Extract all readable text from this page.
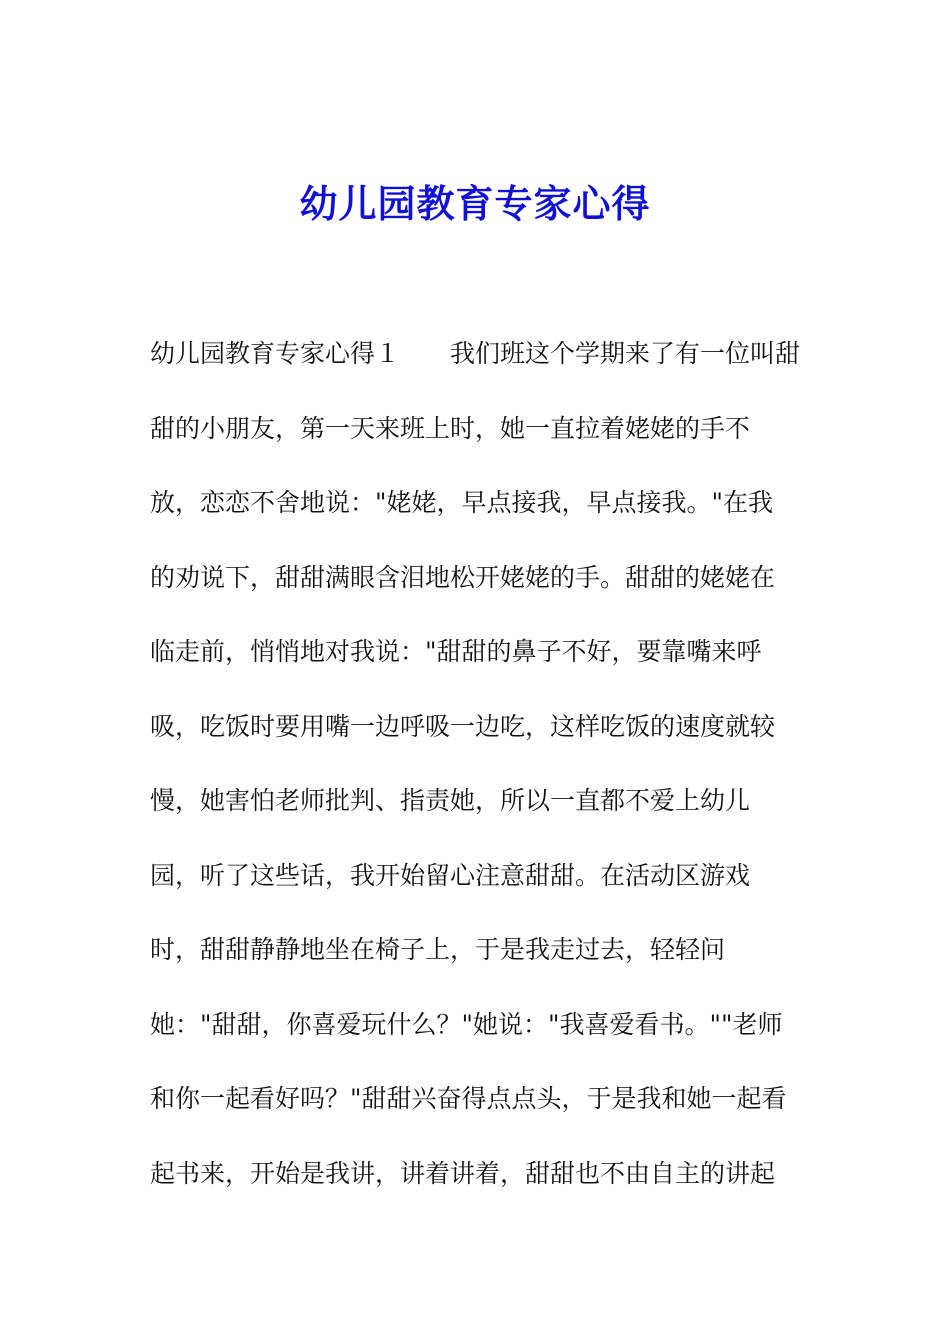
幼儿园教育专家心得
幼儿园教育专家心得１　　我们班这个学期来了有一位叫甜
甜的小朋友，第一天来班上时，她一直拉着姥姥的手不
放，恋恋不舍地说："姥姥，早点接我，早点接我。"在我
的劝说下，甜甜满眼含泪地松开姥姥的手。甜甜的姥姥在
临走前，悄悄地对我说："甜甜的鼻子不好，要靠嘴来呼
吸，吃饭时要用嘴一边呼吸一边吃，这样吃饭的速度就较
慢，她害怕老师批判、指责她，所以一直都不爱上幼儿
园，听了这些话，我开始留心注意甜甜。在活动区游戏
时，甜甜静静地坐在椅子上，于是我走过去，轻轻问
她："甜甜，你喜爱玩什么？"她说："我喜爱看书。""老师
和你一起看好吗？"甜甜兴奋得点点头，于是我和她一起看
起书来，开始是我讲，讲着讲着，甜甜也不由自主的讲起
